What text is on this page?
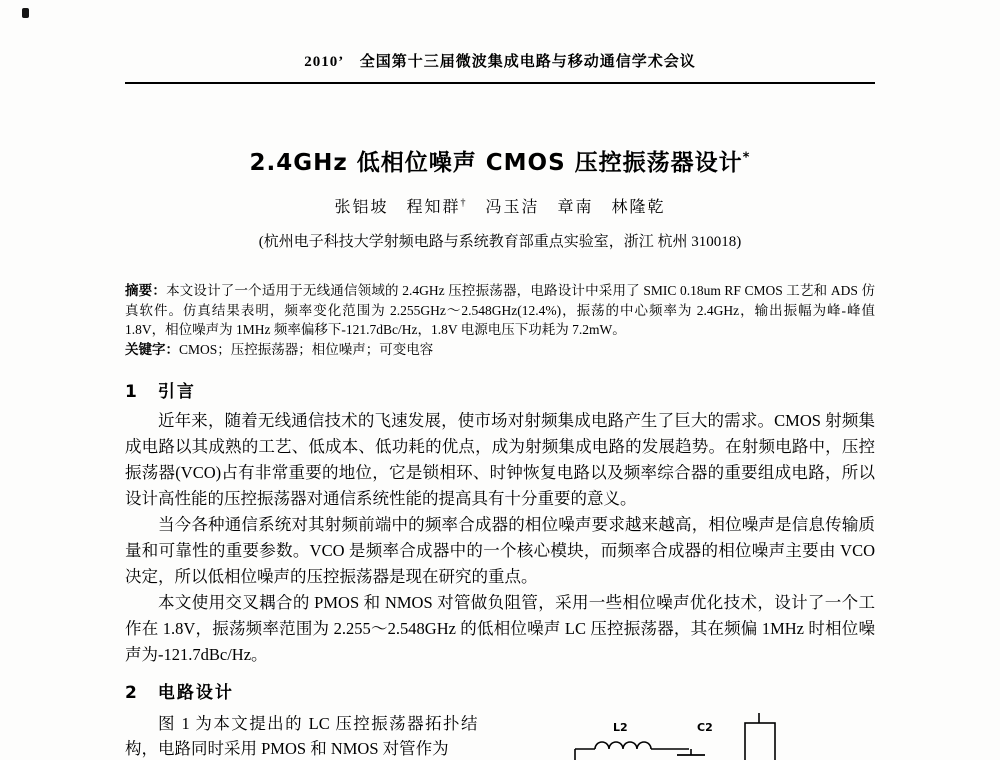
2010’　全国第十三届微波集成电路与移动通信学术会议
2.4GHz 低相位噪声 CMOS 压控振荡器设计*
张铝坡　程知群†　冯玉洁　章南　林隆乾
(杭州电子科技大学射频电路与系统教育部重点实验室，浙江 杭州 310018)
摘要：本文设计了一个适用于无线通信领域的 2.4GHz 压控振荡器，电路设计中采用了 SMIC 0.18um RF CMOS 工艺和 ADS 仿真软件。仿真结果表明，频率变化范围为 2.255GHz～2.548GHz(12.4%)，振荡的中心频率为 2.4GHz，输出振幅为峰-峰值 1.8V，相位噪声为 1MHz 频率偏移下-121.7dBc/Hz，1.8V 电源电压下功耗为 7.2mW。
关键字：CMOS；压控振荡器；相位噪声；可变电容
1　引言

近年来，随着无线通信技术的飞速发展，使市场对射频集成电路产生了巨大的需求。CMOS 射频集成电路以其成熟的工艺、低成本、低功耗的优点，成为射频集成电路的发展趋势。在射频电路中，压控振荡器(VCO)占有非常重要的地位，它是锁相环、时钟恢复电路以及频率综合器的重要组成电路，所以设计高性能的压控振荡器对通信系统性能的提高具有十分重要的意义。

当今各种通信系统对其射频前端中的频率合成器的相位噪声要求越来越高，相位噪声是信息传输质量和可靠性的重要参数。VCO 是频率合成器中的一个核心模块，而频率合成器的相位噪声主要由 VCO 决定，所以低相位噪声的压控振荡器是现在研究的重点。

本文使用交叉耦合的 PMOS 和 NMOS 对管做负阻管，采用一些相位噪声优化技术，设计了一个工作在 1.8V，振荡频率范围为 2.255～2.548GHz 的低相位噪声 LC 压控振荡器，其在频偏 1MHz 时相位噪声为-121.7dBc/Hz。

2　电路设计

图 1 为本文提出的 LC 压控振荡器拓扑结构，电路同时采用 PMOS 和 NMOS 对管作为

L2	C2
